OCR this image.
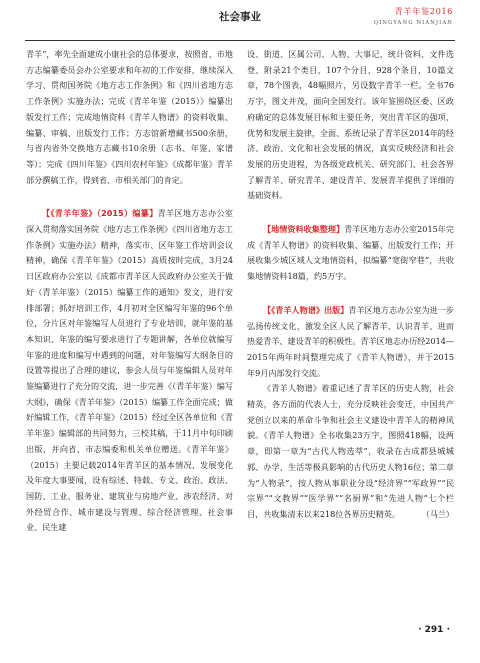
社会事业	青羊年鉴2016
QINGYANG NIANJIAN

青羊”，率先全面建成小康社会的总体要求，按照省、市地方志编纂委员会办公室要求和年初的工作安排，继续深入学习、贯彻国务院《地方志工作条例》和《四川省地方志工作条例》实施办法；完成《青羊年鉴（2015）》编纂出版发行工作；完成地情资料《青羊人物谱》的资料收集、编纂、审稿、出版发行工作；方志馆新增藏书500余册，与省内省外交换地方志藏书10余册（志书、年鉴、家谱等）；完成《四川年鉴》《四川农村年鉴》《成都年鉴》青羊部分撰稿工作，得到省、市相关部门的肯定。

【《青羊年鉴》（2015）编纂】青羊区地方志办公室深入贯彻落实国务院《地方志工作条例》《四川省地方志工作条例》实施办法》精神，落实市、区年鉴工作培训会议精神，确保《青羊年鉴》（2015）高质按时完成，3月24日区政府办公室以《成都市青羊区人民政府办公室关于做好（青羊年鉴）（2015）编纂工作的通知》发文，进行安排部署；抓好培训工作，4月初对全区编写年鉴的96个单位，分片区对年鉴编写人员进行了专业培训，就年鉴的基本知识、年鉴的编写要求进行了专题讲解，各单位就编写年鉴的进度和编写中遇到的问题，对年鉴编写大纲条目的设置等提出了合理的建议，参会人员与年鉴编辑人员对年鉴编纂进行了充分的交流，进一步完善《（青羊年鉴）编写大纲》，确保《青羊年鉴》（2015）编纂工作全面完成；做好编辑工作，《青羊年鉴》（2015）经过全区各单位和《青羊年鉴》编辑部的共同努力，三校其稿，于11月中旬印刷出版，并向省、市志编委和机关单位赠送。《青羊年鉴》（2015）主要记载2014年青羊区的基本情况、发展变化及年度大事要闻，设有综述、特载、专文、政治、政法、国防、工业、服务业、建筑业与房地产业、涉农经济、对外经贸合作、城市建设与管理、综合经济管理、社会事业、民生建

设、街道、区属公司、人物、大事记、统计资料、文件选登、附录21个类目，107个分目，928个条目，10篇文章，78个图表，48幅照片，另设数字青羊一栏。全书76万字，图文并茂，面向全国发行。该年鉴围绕区委、区政府确定的总体发展目标和主要任务，突出青羊区的强项、优势和发展主旋律，全面、系统记录了青羊区2014年的经济、政治、文化和社会发展的情况，真实反映经济和社会发展的历史进程，为各级党政机关、研究部门、社会各界了解青羊、研究青羊、建设青羊、发展青羊提供了详细的基础资料。

【地情资料收集整理】青羊区地方志办公室2015年完成《青羊人物谱》的资料收集、编纂、出版发行工作；开展收集少城区域人文地情资料，拟编纂“宽街窄巷”，共收集地情资料18篇，约5万字。

【《青羊人物谱》出版】青羊区地方志办公室为进一步弘扬传统文化，激发全区人民了解青羊、认识青羊、进而热爱青羊、建设青羊的积极性。青羊区地志办历经2014—2015年两年时间整理完成了《青羊人物谱》，并于2015年9月内部发行交流。

《青羊人物谱》着重记述了青羊区的历史人物，社会精英，各方面的代表人士，充分反映社会变迁，中国共产党创立以来的革命斗争和社会主义建设中青羊人的精神风貌。《青羊人物谱》全书收集23万字，图照418幅，设两章，即第一章为“古代人物选萃”，收录在古成都县城城郭、办学、生活等极具影响的古代历史人物16位；第二章为“人物录”，按人物从事职业分设“经济界”“军政界”“民宗界”“文教界”“医学界”“名厨界”和“先进人物”七个栏目，共收集清末以来218位各界历史精英。	（马兰）

· 291 ·
